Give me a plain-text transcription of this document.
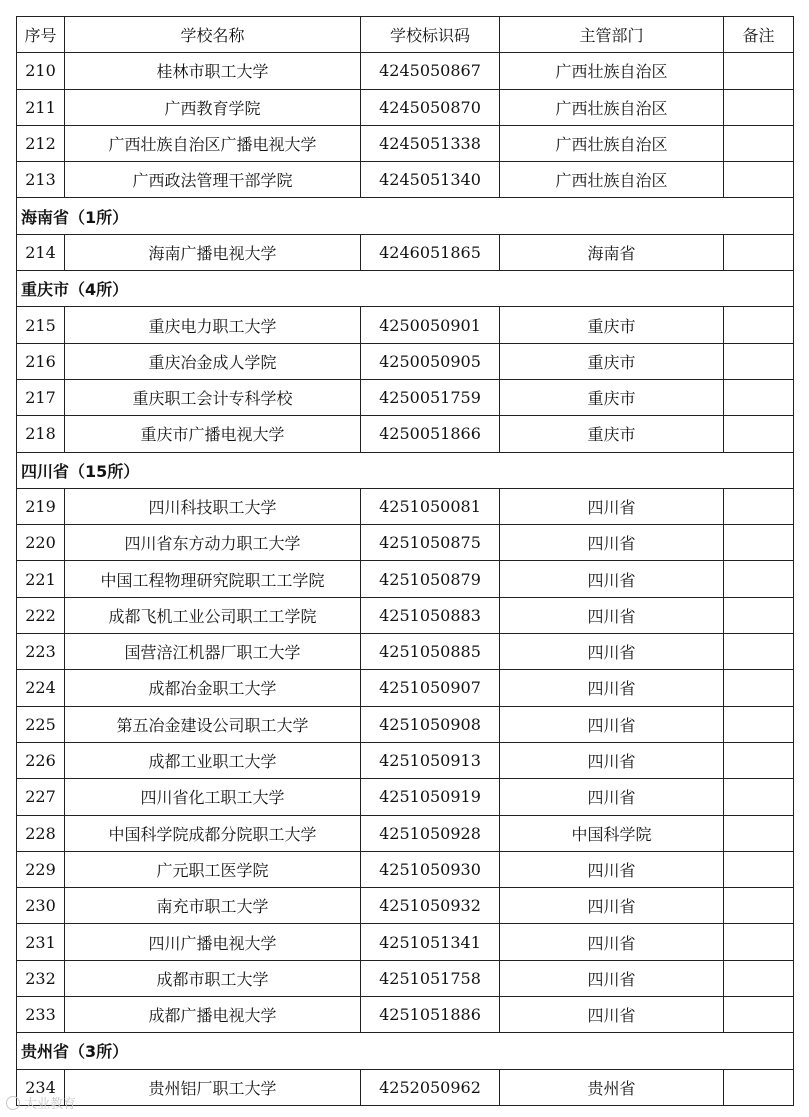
序号	学校名称	学校标识码	主管部门	备注
210	桂林市职工大学	4245050867	广西壮族自治区	
211	广西教育学院	4245050870	广西壮族自治区	
212	广西壮族自治区广播电视大学	4245051338	广西壮族自治区	
213	广西政法管理干部学院	4245051340	广西壮族自治区	
海南省（1所）				
214	海南广播电视大学	4246051865	海南省	
重庆市（4所）				
215	重庆电力职工大学	4250050901	重庆市	
216	重庆冶金成人学院	4250050905	重庆市	
217	重庆职工会计专科学校	4250051759	重庆市	
218	重庆市广播电视大学	4250051866	重庆市	
四川省（15所）				
219	四川科技职工大学	4251050081	四川省	
220	四川省东方动力职工大学	4251050875	四川省	
221	中国工程物理研究院职工工学院	4251050879	四川省	
222	成都飞机工业公司职工工学院	4251050883	四川省	
223	国营涪江机器厂职工大学	4251050885	四川省	
224	成都冶金职工大学	4251050907	四川省	
225	第五冶金建设公司职工大学	4251050908	四川省	
226	成都工业职工大学	4251050913	四川省	
227	四川省化工职工大学	4251050919	四川省	
228	中国科学院成都分院职工大学	4251050928	中国科学院	
229	广元职工医学院	4251050930	四川省	
230	南充市职工大学	4251050932	四川省	
231	四川广播电视大学	4251051341	四川省	
232	成都市职工大学	4251051758	四川省	
233	成都广播电视大学	4251051886	四川省	
贵州省（3所）				
234	贵州铝厂职工大学	4252050962	贵州省	
大业教育
